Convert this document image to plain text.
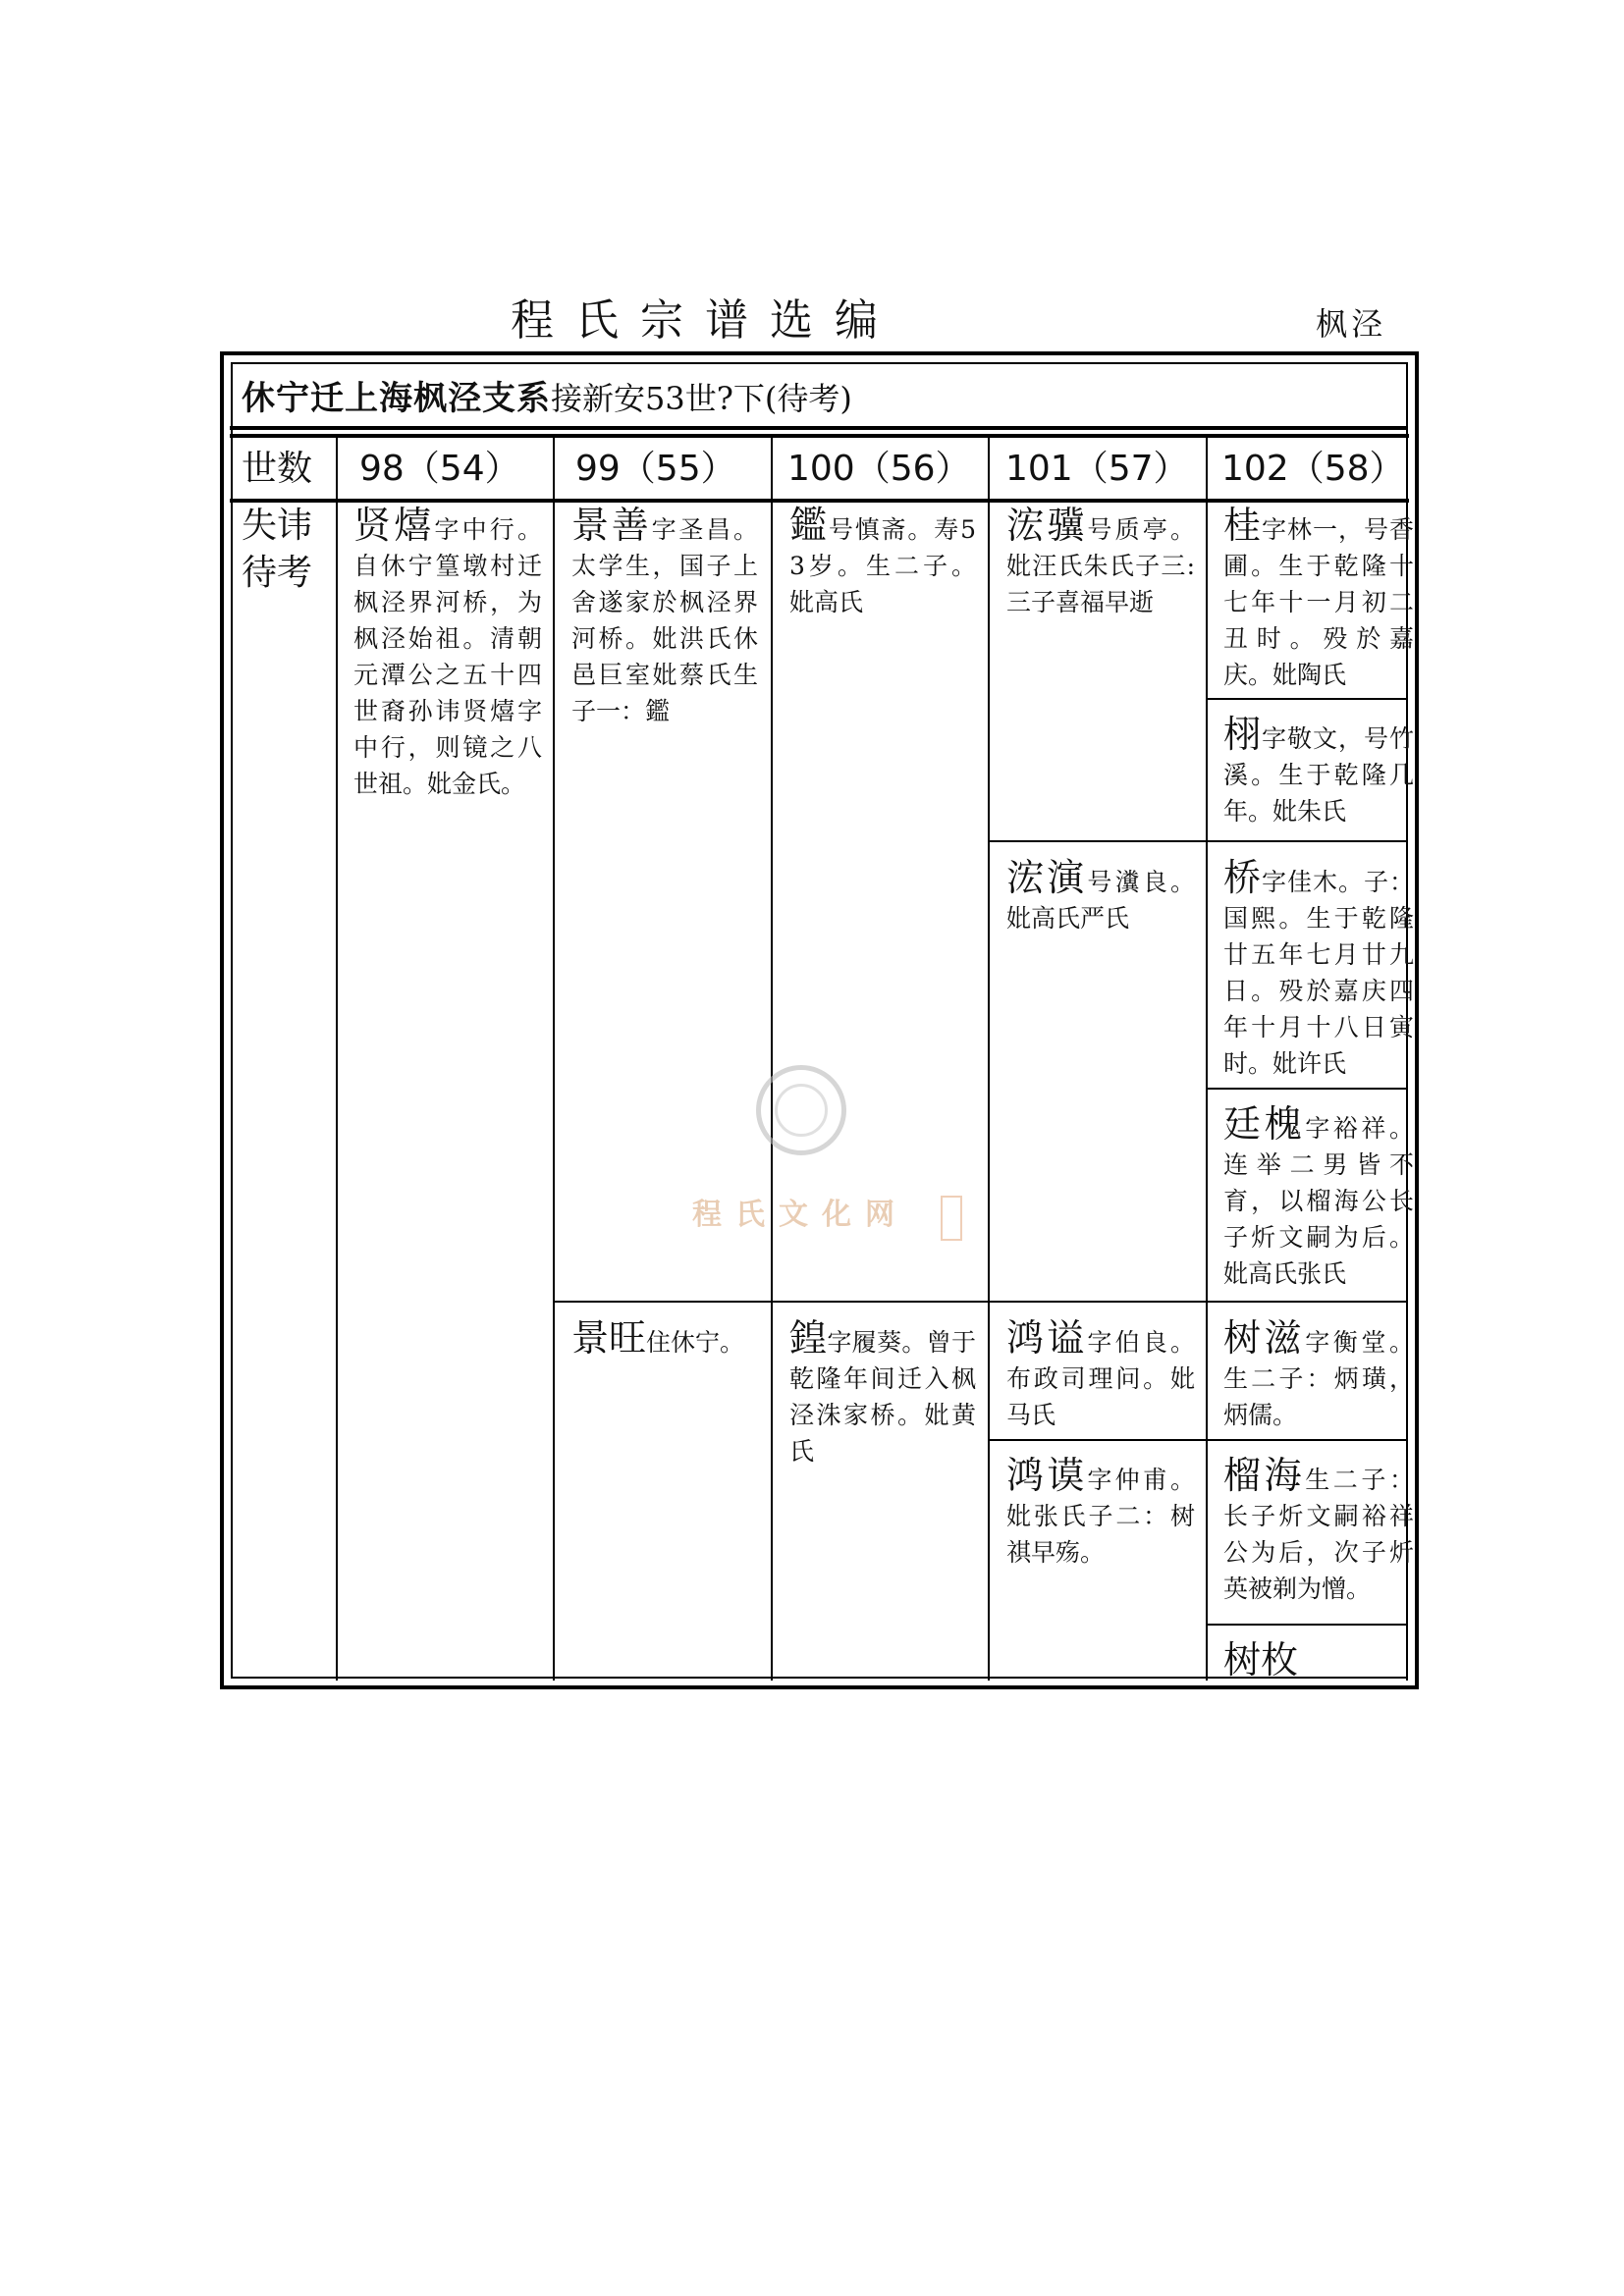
程氏宗谱选编	枫泾
休宁迁上海枫泾支系接新安53世?下(待考)
世数 98（54） 99（55） 100（56） 101（57） 102（58）
失讳待考
贤熺字中行。自休宁篁墩村迁枫泾界河桥，为枫泾始祖。清朝元潭公之五十四世裔孙讳贤熺字中行，则镜之八世祖。妣金氏。
景善字圣昌。太学生，国子上舍遂家於枫泾界河桥。妣洪氏休邑巨室妣蔡氏生子一：鑑
鑑号慎斋。寿53岁。生二子。妣高氏
浤骥号质亭。妣汪氏朱氏子三:三子喜福早逝
桂字林一，号香圃。生于乾隆十七年十一月初二丑时。殁於嘉庆。妣陶氏
栩字敬文，号竹溪。生于乾隆几年。妣朱氏
浤演号瀵良。妣高氏严氏
桥字佳木。子：国熙。生于乾隆廿五年七月廿九日。殁於嘉庆四年十月十八日寅时。妣许氏
廷槐字裕祥。连举二男皆不育，以榴海公长子炘文嗣为后。妣高氏张氏
景旺住休宁。	鍠字履葵。曾于乾隆年间迁入枫泾洙家桥。妣黄氏
鸿谥字伯良。布政司理问。妣马氏
树滋字衡堂。生二子：炳璜，炳儒。
鸿谟字仲甫。妣张氏子二：树祺早殇。
榴海生二子：长子炘文嗣裕祥公为后，次子炘英被剃为憎。
树枚
程氏文化网
